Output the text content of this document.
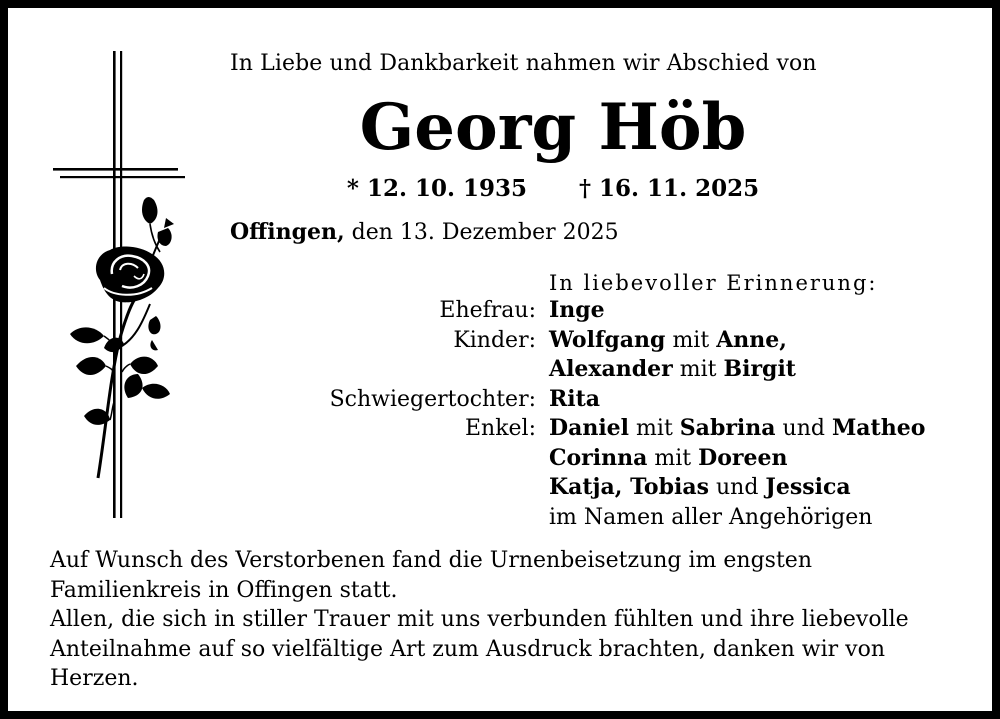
In Liebe und Dankbarkeit nahmen wir Abschied von
Georg Höb
* 12. 10. 1935 † 16. 11. 2025
Offingen, den 13. Dezember 2025
In liebevoller Erinnerung:
Ehefrau: Inge
Kinder: Wolfgang mit Anne,
Alexander mit Birgit
Schwiegertochter: Rita
Enkel: Daniel mit Sabrina und Matheo
Corinna mit Doreen
Katja, Tobias und Jessica
im Namen aller Angehörigen

Auf Wunsch des Verstorbenen fand die Urnenbeisetzung im engsten Familienkreis in Offingen statt.

Allen, die sich in stiller Trauer mit uns verbunden fühlten und ihre liebevolle Anteilnahme auf so vielfältige Art zum Ausdruck brachten, danken wir von Herzen.
